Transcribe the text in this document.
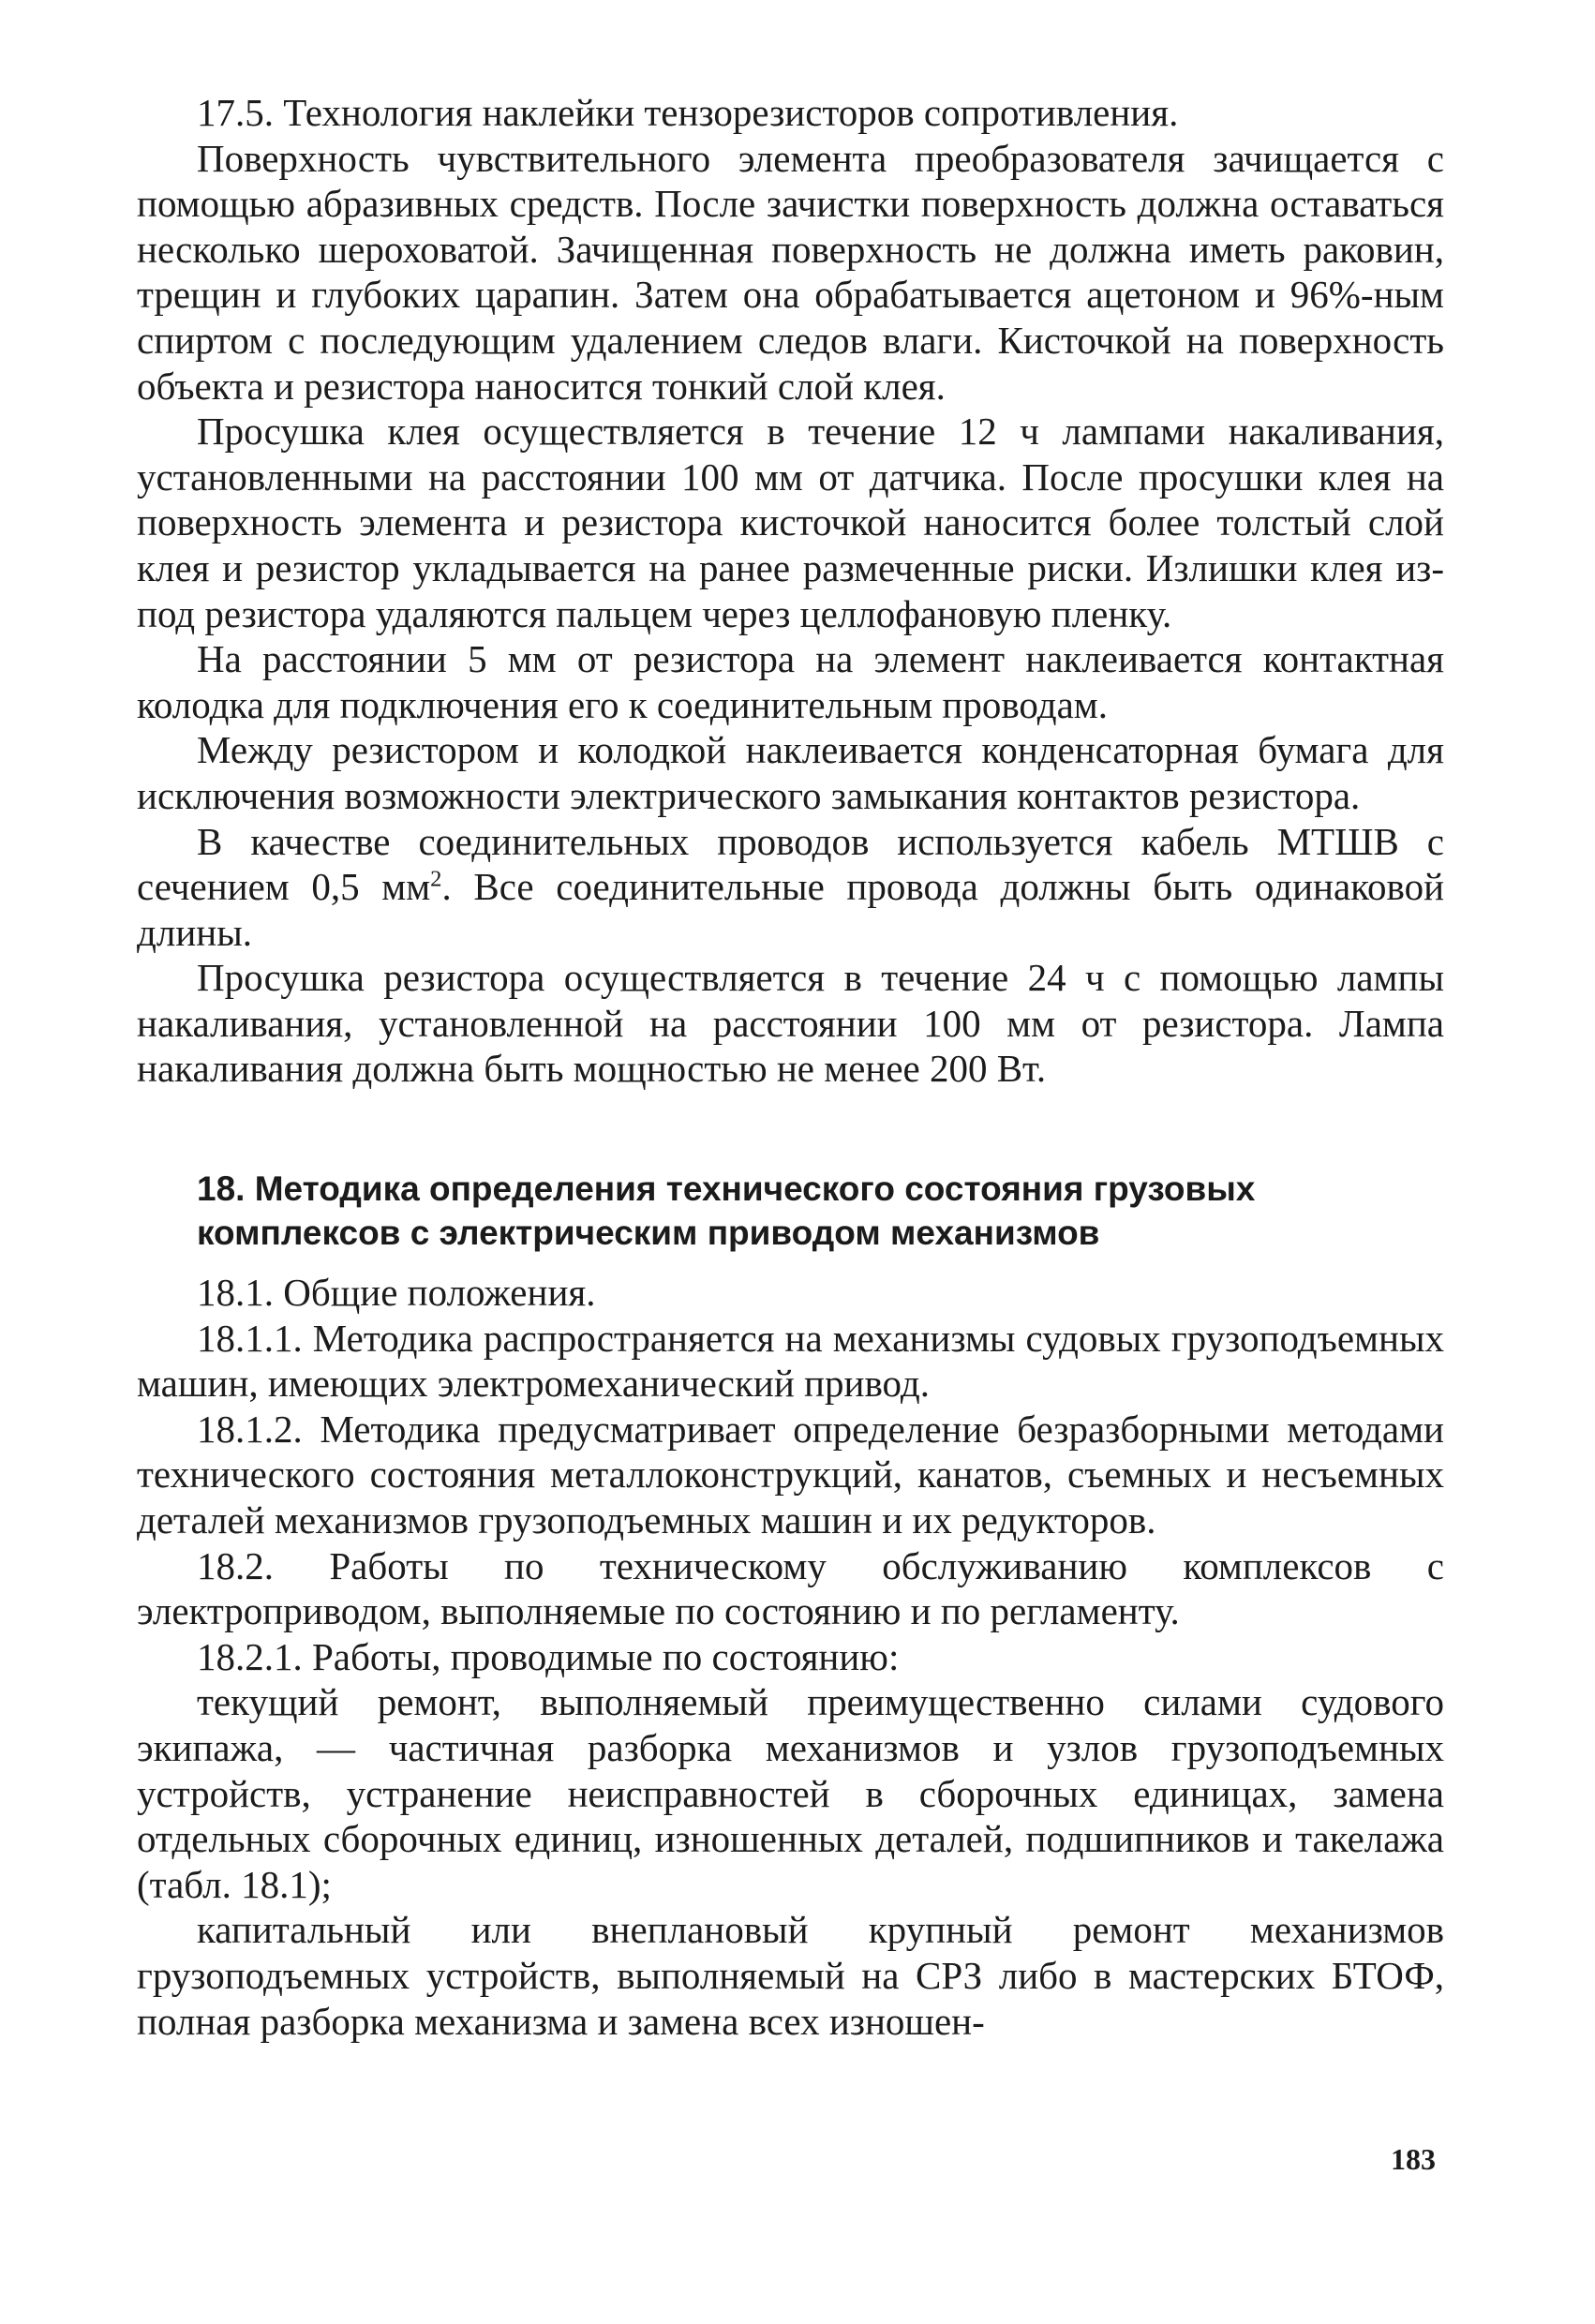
17.5. Технология наклейки тензорезисторов сопротивления.

Поверхность чувствительного элемента преобразователя зачищается с помощью абразивных средств. После зачистки поверхность должна оставаться несколько шероховатой. Зачищенная поверхность не должна иметь раковин, трещин и глубоких царапин. Затем она обрабатывается ацетоном и 96%-ным спиртом с последующим удалением следов влаги. Кисточкой на поверхность объекта и резистора наносится тонкий слой клея.

Просушка клея осуществляется в течение 12 ч лампами накаливания, установленными на расстоянии 100 мм от датчика. После просушки клея на поверхность элемента и резистора кисточкой наносится более толстый слой клея и резистор укладывается на ранее размеченные риски. Излишки клея из-под резистора удаляются пальцем через целлофановую пленку.

На расстоянии 5 мм от резистора на элемент наклеивается контактная колодка для подключения его к соединительным проводам.

Между резистором и колодкой наклеивается конденсаторная бумага для исключения возможности электрического замыкания контактов резистора.

В качестве соединительных проводов используется кабель МТШВ с сечением 0,5 $мм^2$. Все соединительные провода должны быть одинаковой длины.

Просушка резистора осуществляется в течение 24 ч с помощью лампы накаливания, установленной на расстоянии 100 мм от резистора. Лампа накаливания должна быть мощностью не менее 200 Вт.

18. Методика определения технического состояния грузовых

комплексов с электрическим приводом механизмов

18.1. Общие положения.

18.1.1. Методика распространяется на механизмы судовых грузоподъемных машин, имеющих электромеханический привод.

18.1.2. Методика предусматривает определение безразборными методами технического состояния металлоконструкций, канатов, съемных и несъемных деталей механизмов грузоподъемных машин и их редукторов.

18.2. Работы по техническому обслуживанию комплексов с электроприводом, выполняемые по состоянию и по регламенту.

18.2.1. Работы, проводимые по состоянию:

текущий ремонт, выполняемый преимущественно силами судового экипажа, — частичная разборка механизмов и узлов грузоподъемных устройств, устранение неисправностей в сборочных единицах, замена отдельных сборочных единиц, изношенных деталей, подшипников и такелажа (табл. 18.1);

капитальный или внеплановый крупный ремонт механизмов грузоподъемных устройств, выполняемый на СРЗ либо в мастерских БТОФ, полная разборка механизма и замена всех изношен-

183
